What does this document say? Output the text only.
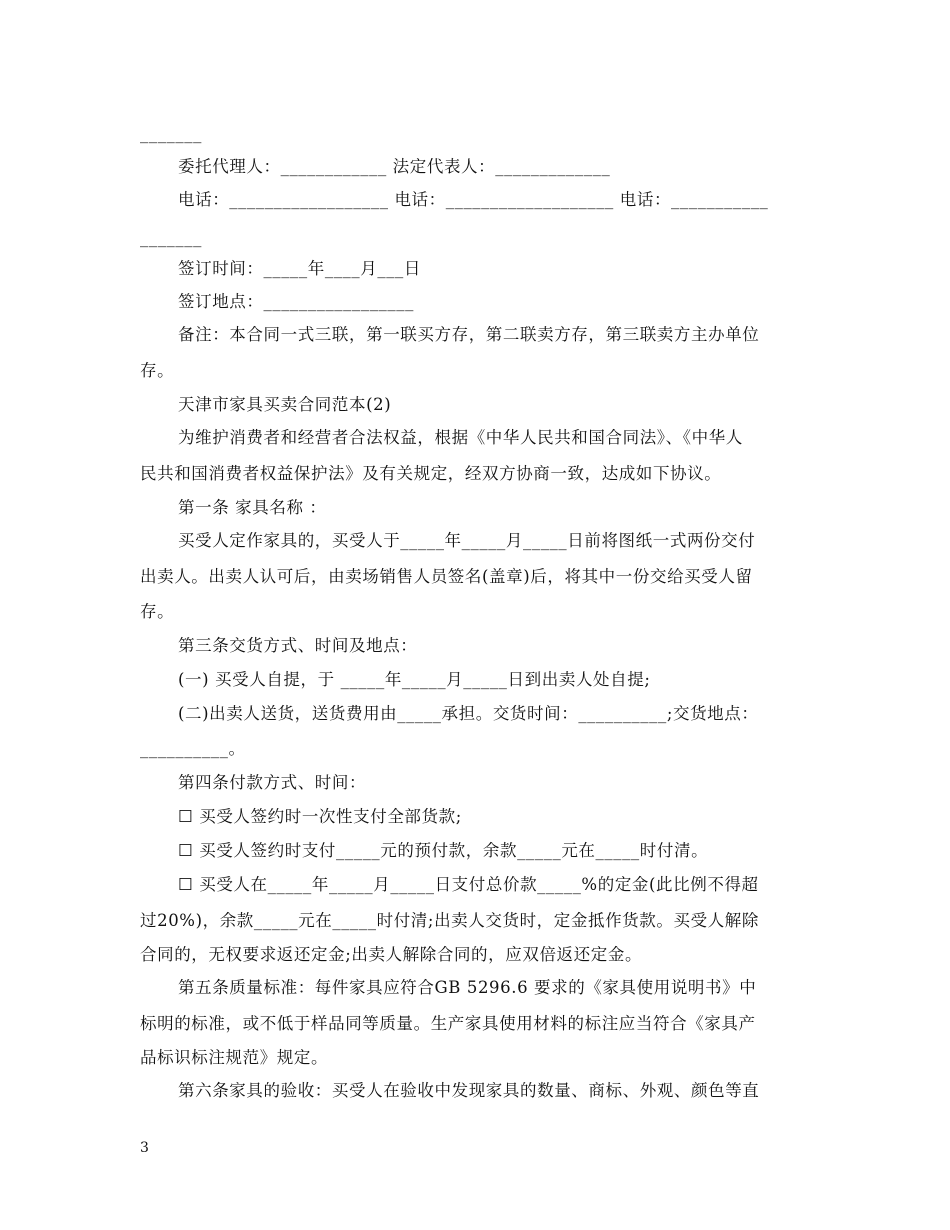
_______
委托代理人：____________ 法定代表人：_____________
电话：__________________ 电话：___________________ 电话：___________
_______
签订时间：_____年____月___日
签订地点：_________________
备注：本合同一式三联，第一联买方存，第二联卖方存，第三联卖方主办单位
存。
天津市家具买卖合同范本(2)
为维护消费者和经营者合法权益，根据《中华人民共和国合同法》、《中华人
民共和国消费者权益保护法》及有关规定，经双方协商一致，达成如下协议。
第一条 家具名称 ：
买受人定作家具的，买受人于_____年_____月_____日前将图纸一式两份交付
出卖人。出卖人认可后，由卖场销售人员签名(盖章)后，将其中一份交给买受人留
存。
第三条交货方式、时间及地点：
(一) 买受人自提，于 _____年_____月_____日到出卖人处自提;
(二)出卖人送货，送货费用由_____承担。交货时间：__________;交货地点：
__________。
第四条付款方式、时间：
☐ 买受人签约时一次性支付全部货款;
☐ 买受人签约时支付_____元的预付款，余款_____元在_____时付清。
☐ 买受人在_____年_____月_____日支付总价款_____%的定金(此比例不得超
过20%)，余款_____元在_____时付清;出卖人交货时，定金抵作货款。买受人解除
合同的，无权要求返还定金;出卖人解除合同的，应双倍返还定金。
第五条质量标准：每件家具应符合GB 5296.6 要求的《家具使用说明书》中
标明的标准，或不低于样品同等质量。生产家具使用材料的标注应当符合《家具产
品标识标注规范》规定。
第六条家具的验收：买受人在验收中发现家具的数量、商标、外观、颜色等直
3
